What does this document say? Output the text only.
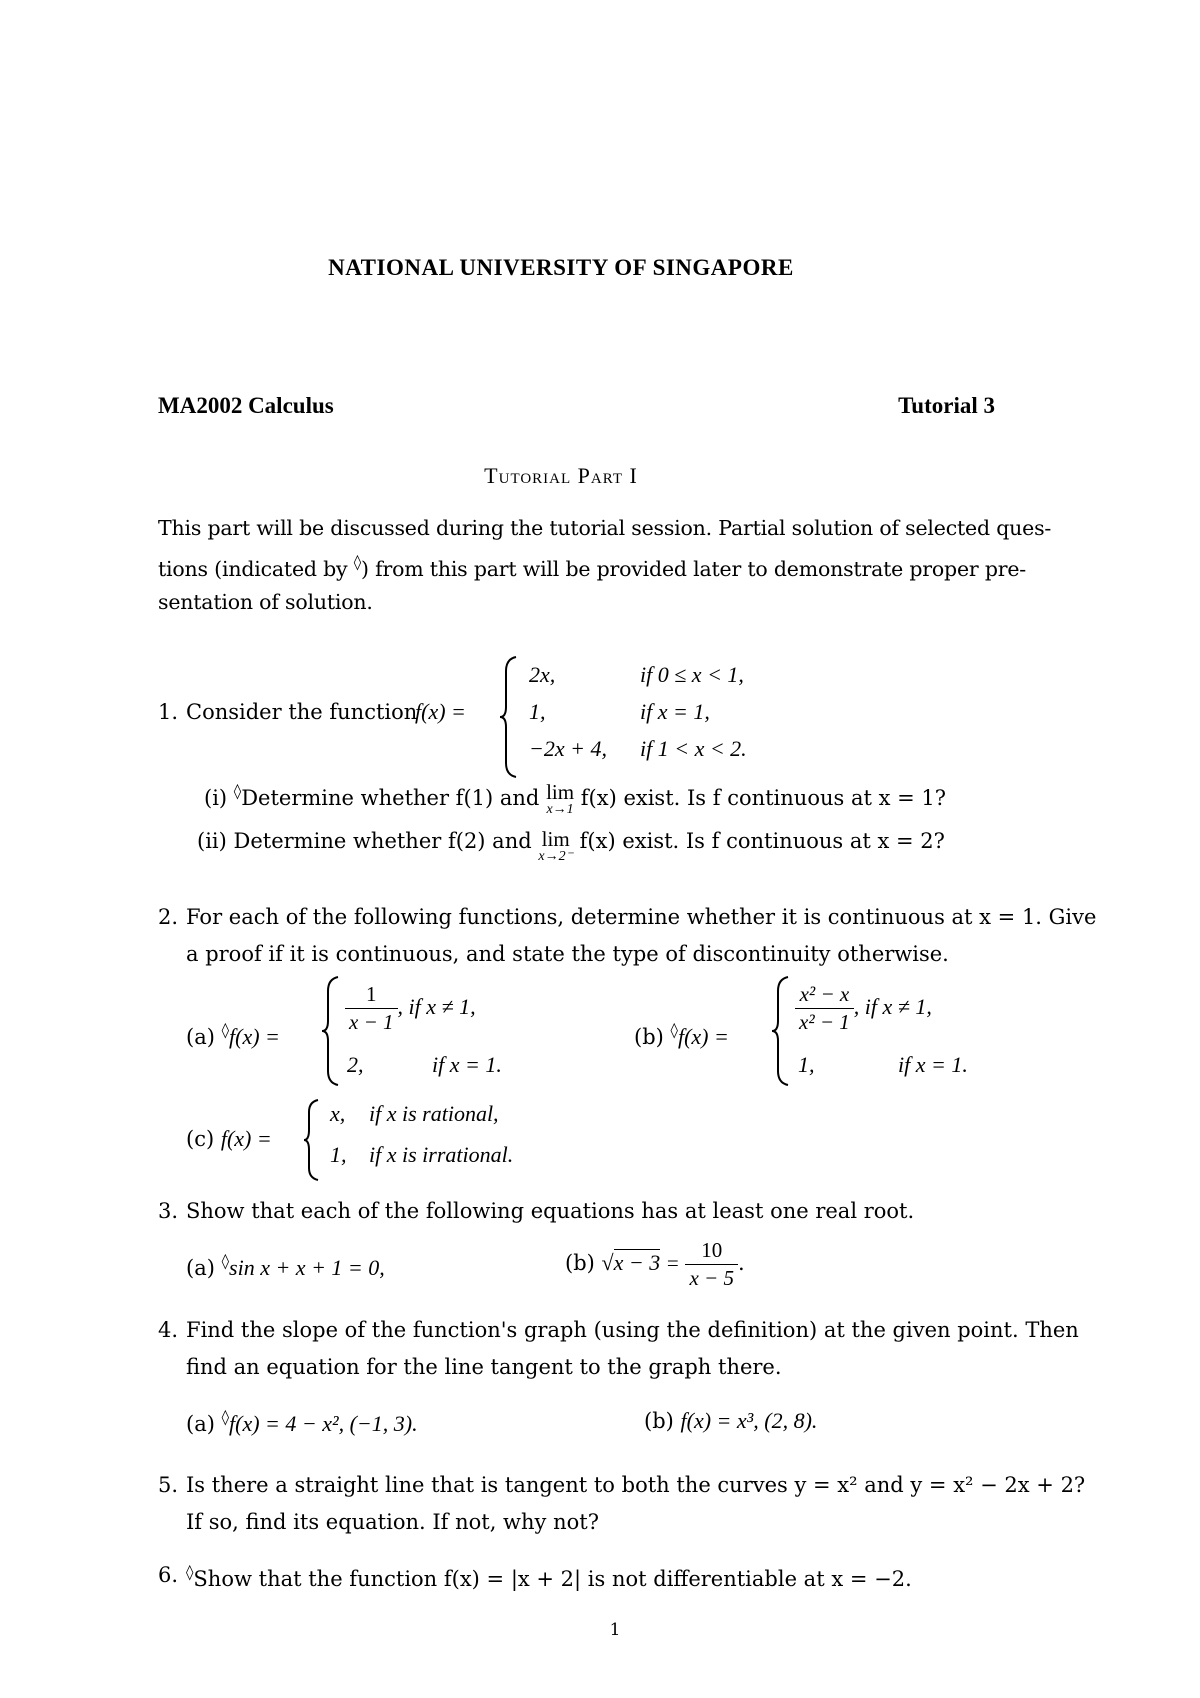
NATIONAL UNIVERSITY OF SINGAPORE
MA2002 Calculus	Tutorial 3
Tutorial Part I
This part will be discussed during the tutorial session. Partial solution of selected ques-
tions (indicated by ◊) from this part will be provided later to demonstrate proper pre-
sentation of solution.
1. Consider the function
f(x) =
2x,	if 0 ≤ x < 1,
1,	if x = 1,
−2x + 4, if 1 < x < 2.
(i) ◊Determine whether f(1) and lim
x→1 f(x) exist. Is f continuous at x = 1?
(ii) Determine whether f(2) and lim
x→2⁻
f(x) exist. Is f continuous at x = 2?
2. For each of the following functions, determine whether it is continuous at x = 1. Give
a proof if it is continuous, and state the type of discontinuity otherwise.
(a) ◊f(x) =
$\frac{1}{x - 1}$ , if x ≠ 1,
2,	if x = 1.
(b) ◊f(x) =
$\frac{\text{x² − x}}{\text{x² − 1}}$ , if x ≠ 1,
1,	if x = 1.
(c) f(x) =
x, if x is rational,
1, if x is irrational.
3. Show that each of the following equations has at least one real root.
(a) ◊sin x + x + 1 = 0,	(b) $√x - 3 = \frac{10}{x - 5}$ .
4. Find the slope of the function's graph (using the definition) at the given point. Then
find an equation for the line tangent to the graph there.
(a) ◊f(x) = 4 − x², (−1, 3).	(b) f(x) = x³, (2, 8).
5. Is there a straight line that is tangent to both the curves y = x² and y = x² − 2x + 2?
If so, find its equation. If not, why not?
6. ◊Show that the function f(x) = |x + 2| is not differentiable at x = −2.
1
